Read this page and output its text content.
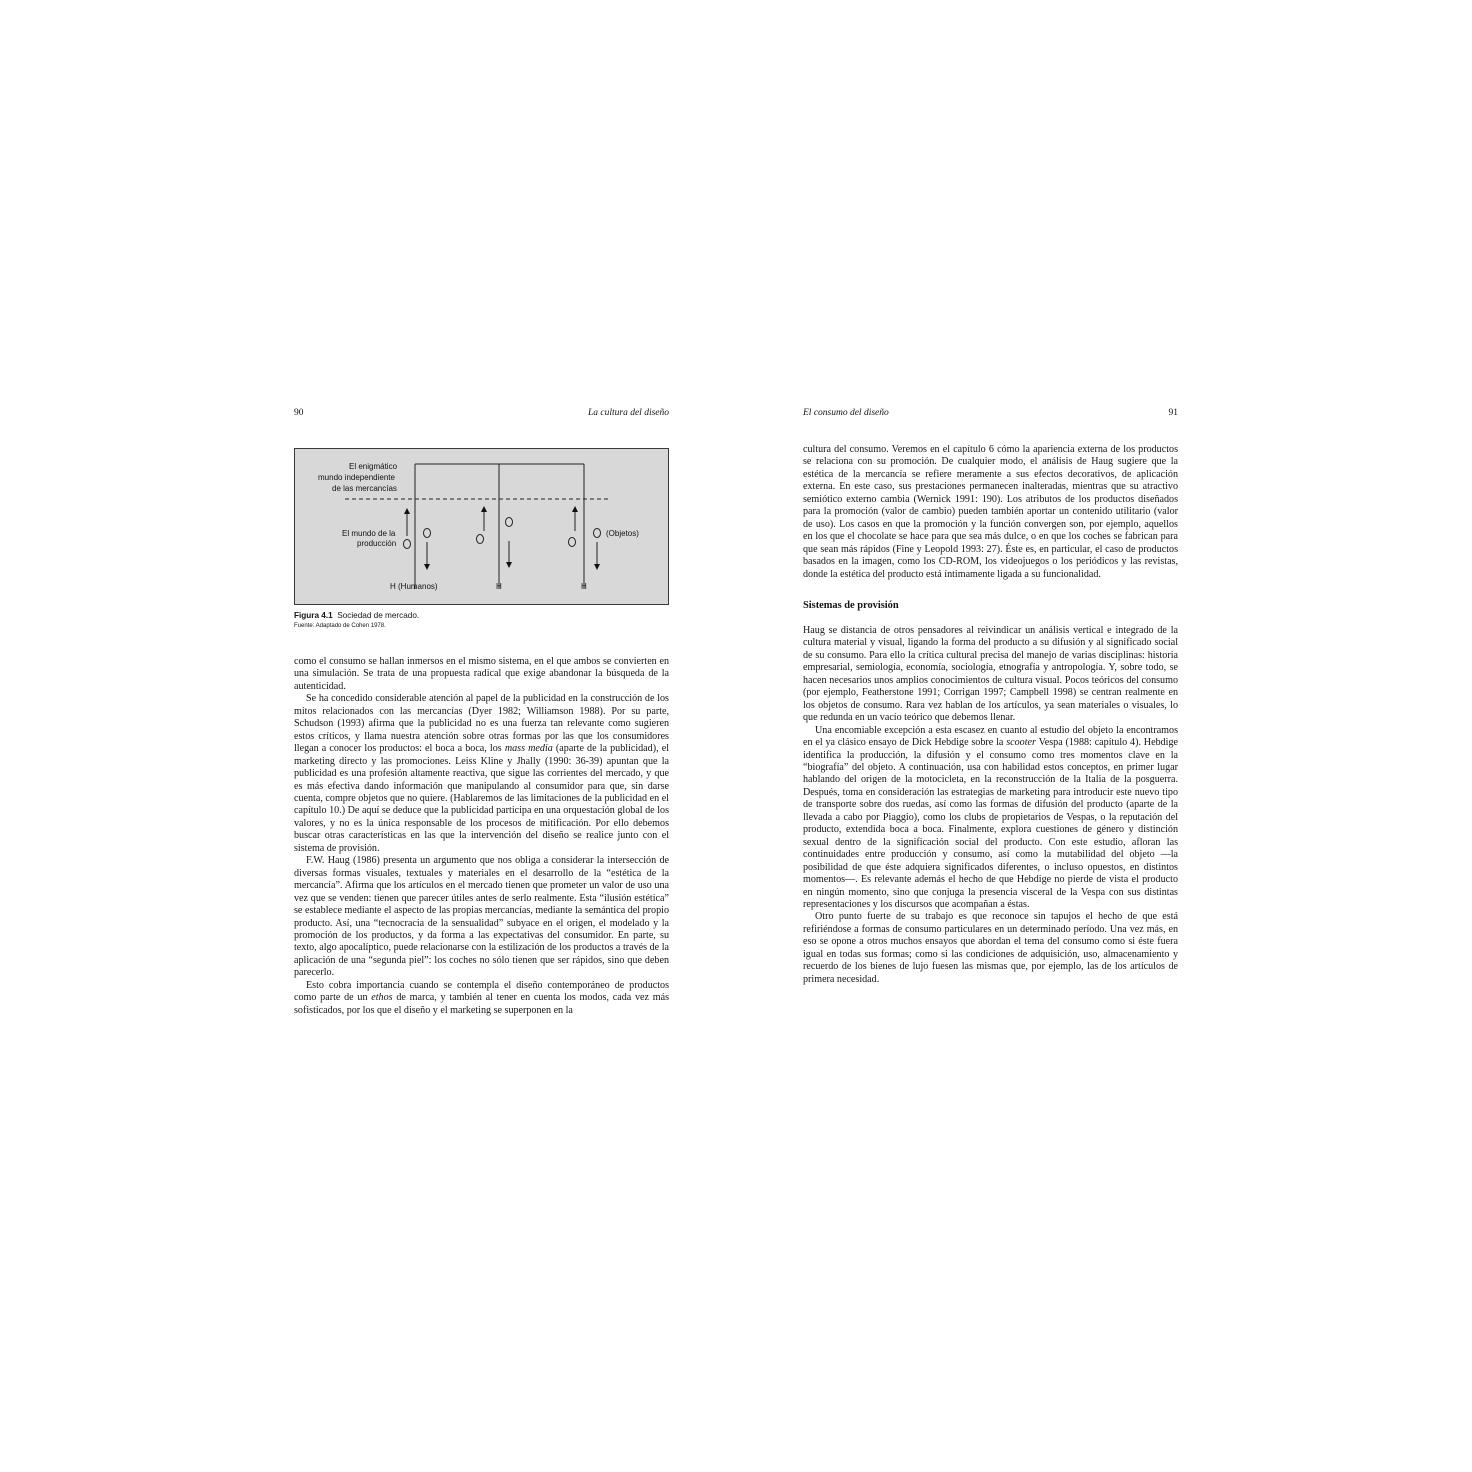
90	La cultura del diseño
El enigmático
mundo independiente
de las mercancías
El mundo de la
producción
(Objetos)
H (Humanos)	H	H
Figura 4.1 Sociedad de mercado.
Fuente: Adaptado de Cohen 1978.

como el consumo se hallan inmersos en el mismo sistema, en el que ambos se convierten en una simulación. Se trata de una propuesta radical que exige abandonar la búsqueda de la autenticidad.

Se ha concedido considerable atención al papel de la publicidad en la construcción de los mitos relacionados con las mercancías (Dyer 1982; Williamson 1988). Por su parte, Schudson (1993) afirma que la publicidad no es una fuerza tan relevante como sugieren estos críticos, y llama nuestra atención sobre otras formas por las que los consumidores llegan a conocer los productos: el boca a boca, los mass media (aparte de la publicidad), el marketing directo y las promociones. Leiss Kline y Jhally (1990: 36-39) apuntan que la publicidad es una profesión altamente reactiva, que sigue las corrientes del mercado, y que es más efectiva dando información que manipulando al consumidor para que, sin darse cuenta, compre objetos que no quiere. (Hablaremos de las limitaciones de la publicidad en el capítulo 10.) De aquí se deduce que la publicidad participa en una orquestación global de los valores, y no es la única responsable de los procesos de mitificación. Por ello debemos buscar otras características en las que la intervención del diseño se realice junto con el sistema de provisión.

F.W. Haug (1986) presenta un argumento que nos obliga a considerar la intersección de diversas formas visuales, textuales y materiales en el desarrollo de la “estética de la mercancía”. Afirma que los artículos en el mercado tienen que prometer un valor de uso una vez que se venden: tienen que parecer útiles antes de serlo realmente. Esta “ilusión estética” se establece mediante el aspecto de las propias mercancías, mediante la semántica del propio producto. Así, una “tecnocracia de la sensualidad” subyace en el origen, el modelado y la promoción de los productos, y da forma a las expectativas del consumidor. En parte, su texto, algo apocalíptico, puede relacionarse con la estilización de los productos a través de la aplicación de una “segunda piel”: los coches no sólo tienen que ser rápidos, sino que deben parecerlo.

Esto cobra importancia cuando se contempla el diseño contemporáneo de productos como parte de un ethos de marca, y también al tener en cuenta los modos, cada vez más sofisticados, por los que el diseño y el marketing se superponen en la

El consumo del diseño	91

cultura del consumo. Veremos en el capítulo 6 cómo la apariencia externa de los productos se relaciona con su promoción. De cualquier modo, el análisis de Haug sugiere que la estética de la mercancía se refiere meramente a sus efectos decorativos, de aplicación externa. En este caso, sus prestaciones permanecen inalteradas, mientras que su atractivo semiótico externo cambia (Wernick 1991: 190). Los atributos de los productos diseñados para la promoción (valor de cambio) pueden también aportar un contenido utilitario (valor de uso). Los casos en que la promoción y la función convergen son, por ejemplo, aquellos en los que el chocolate se hace para que sea más dulce, o en que los coches se fabrican para que sean más rápidos (Fine y Leopold 1993: 27). Éste es, en particular, el caso de productos basados en la imagen, como los CD-ROM, los videojuegos o los periódicos y las revistas, donde la estética del producto está íntimamente ligada a su funcionalidad.

Sistemas de provisión

Haug se distancia de otros pensadores al reivindicar un análisis vertical e integrado de la cultura material y visual, ligando la forma del producto a su difusión y al significado social de su consumo. Para ello la crítica cultural precisa del manejo de varias disciplinas: historia empresarial, semiología, economía, sociología, etnografía y antropología. Y, sobre todo, se hacen necesarios unos amplios conocimientos de cultura visual. Pocos teóricos del consumo (por ejemplo, Featherstone 1991; Corrigan 1997; Campbell 1998) se centran realmente en los objetos de consumo. Rara vez hablan de los artículos, ya sean materiales o visuales, lo que redunda en un vacío teórico que debemos llenar.

Una encomiable excepción a esta escasez en cuanto al estudio del objeto la encontramos en el ya clásico ensayo de Dick Hebdige sobre la scooter Vespa (1988: capítulo 4). Hebdige identifica la producción, la difusión y el consumo como tres momentos clave en la “biografía” del objeto. A continuación, usa con habilidad estos conceptos, en primer lugar hablando del origen de la motocicleta, en la reconstrucción de la Italia de la posguerra. Después, toma en consideración las estrategias de marketing para introducir este nuevo tipo de transporte sobre dos ruedas, así como las formas de difusión del producto (aparte de la llevada a cabo por Piaggio), como los clubs de propietarios de Vespas, o la reputación del producto, extendida boca a boca. Finalmente, explora cuestiones de género y distinción sexual dentro de la significación social del producto. Con este estudio, afloran las continuidades entre producción y consumo, así como la mutabilidad del objeto —la posibilidad de que éste adquiera significados diferentes, o incluso opuestos, en distintos momentos—. Es relevante además el hecho de que Hebdige no pierde de vista el producto en ningún momento, sino que conjuga la presencia visceral de la Vespa con sus distintas representaciones y los discursos que acompañan a éstas.

Otro punto fuerte de su trabajo es que reconoce sin tapujos el hecho de que está refiriéndose a formas de consumo particulares en un determinado período. Una vez más, en eso se opone a otros muchos ensayos que abordan el tema del consumo como si éste fuera igual en todas sus formas; como si las condiciones de adquisición, uso, almacenamiento y recuerdo de los bienes de lujo fuesen las mismas que, por ejemplo, las de los artículos de primera necesidad.
